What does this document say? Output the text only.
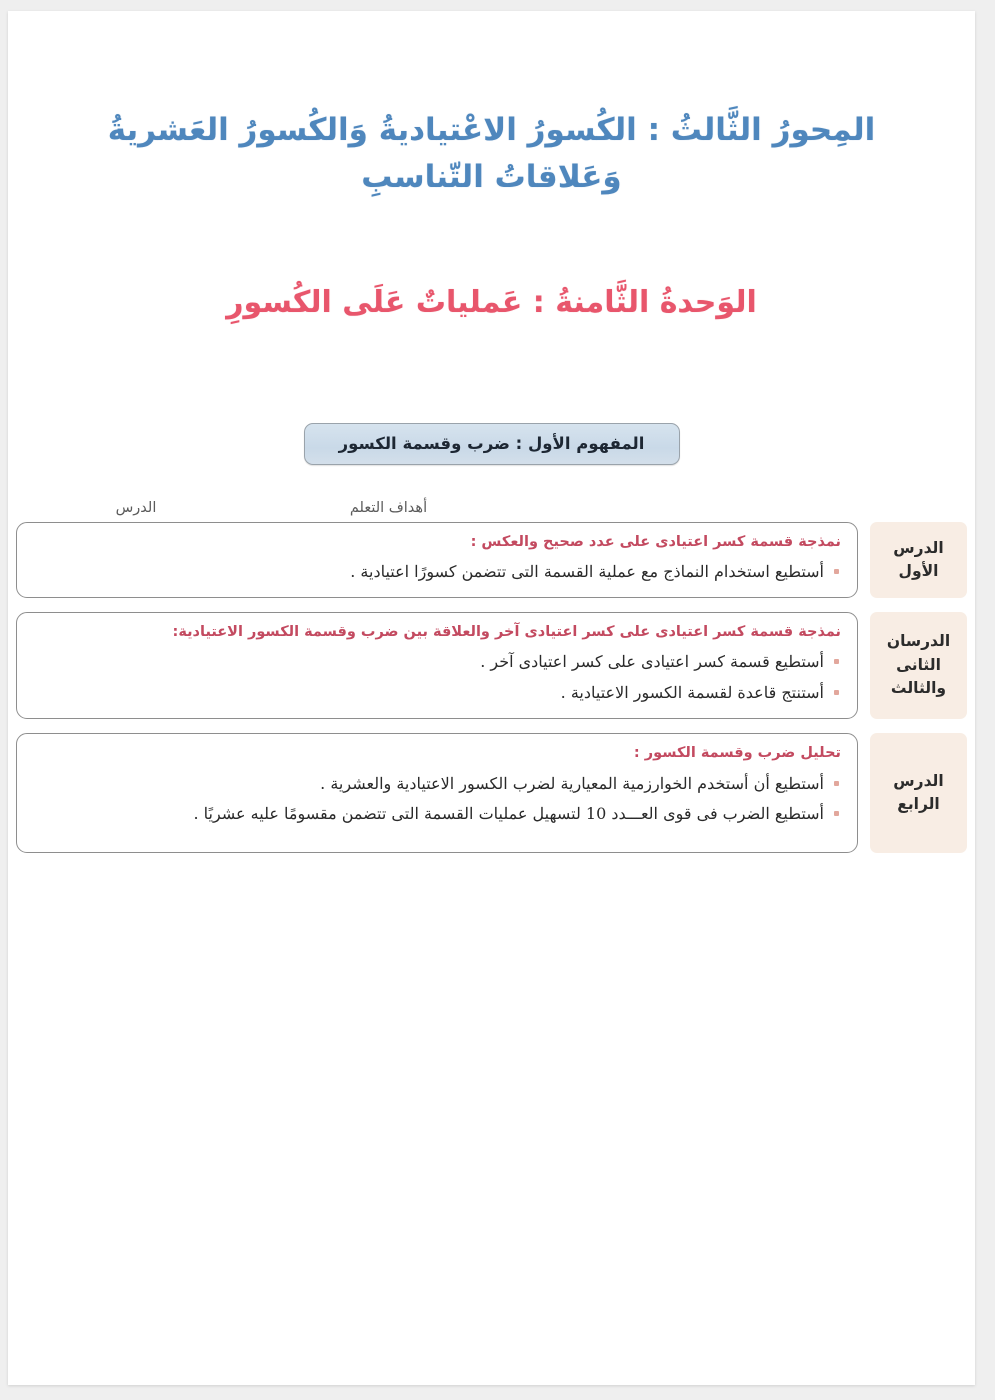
المِحورُ الثَّالثُ : الكُسورُ الاعْتياديةُ وَالكُسورُ العَشريةُ
وَعَلاقاتُ التّناسبِ
الوَحدةُ الثَّامنةُ : عَملياتٌ عَلَى الكُسورِ
المفهوم الأول : ضرب وقسمة الكسور
الدرس	أهداف التعلم
الدرس
الأول

نمذجة قسمة كسر اعتيادى على عدد صحيح والعكس :

أستطيع استخدام النماذج مع عملية القسمة التى تتضمن كسورًا اعتيادية .
الدرسان
الثانى
والثالث

نمذجة قسمة كسر اعتيادى على كسر اعتيادى آخر والعلاقة بين ضرب وقسمة الكسور الاعتيادية:

أستطيع قسمة كسر اعتيادى على كسر اعتيادى آخر .
أستنتج قاعدة لقسمة الكسور الاعتيادية .
الدرس
الرابع

تحليل ضرب وقسمة الكسور :

أستطيع أن أستخدم الخوارزمية المعيارية لضرب الكسور الاعتيادية والعشرية .
أستطيع الضرب فى قوى العـــدد 10 لتسهيل عمليات القسمة التى تتضمن مقسومًا عليه عشريًا .
